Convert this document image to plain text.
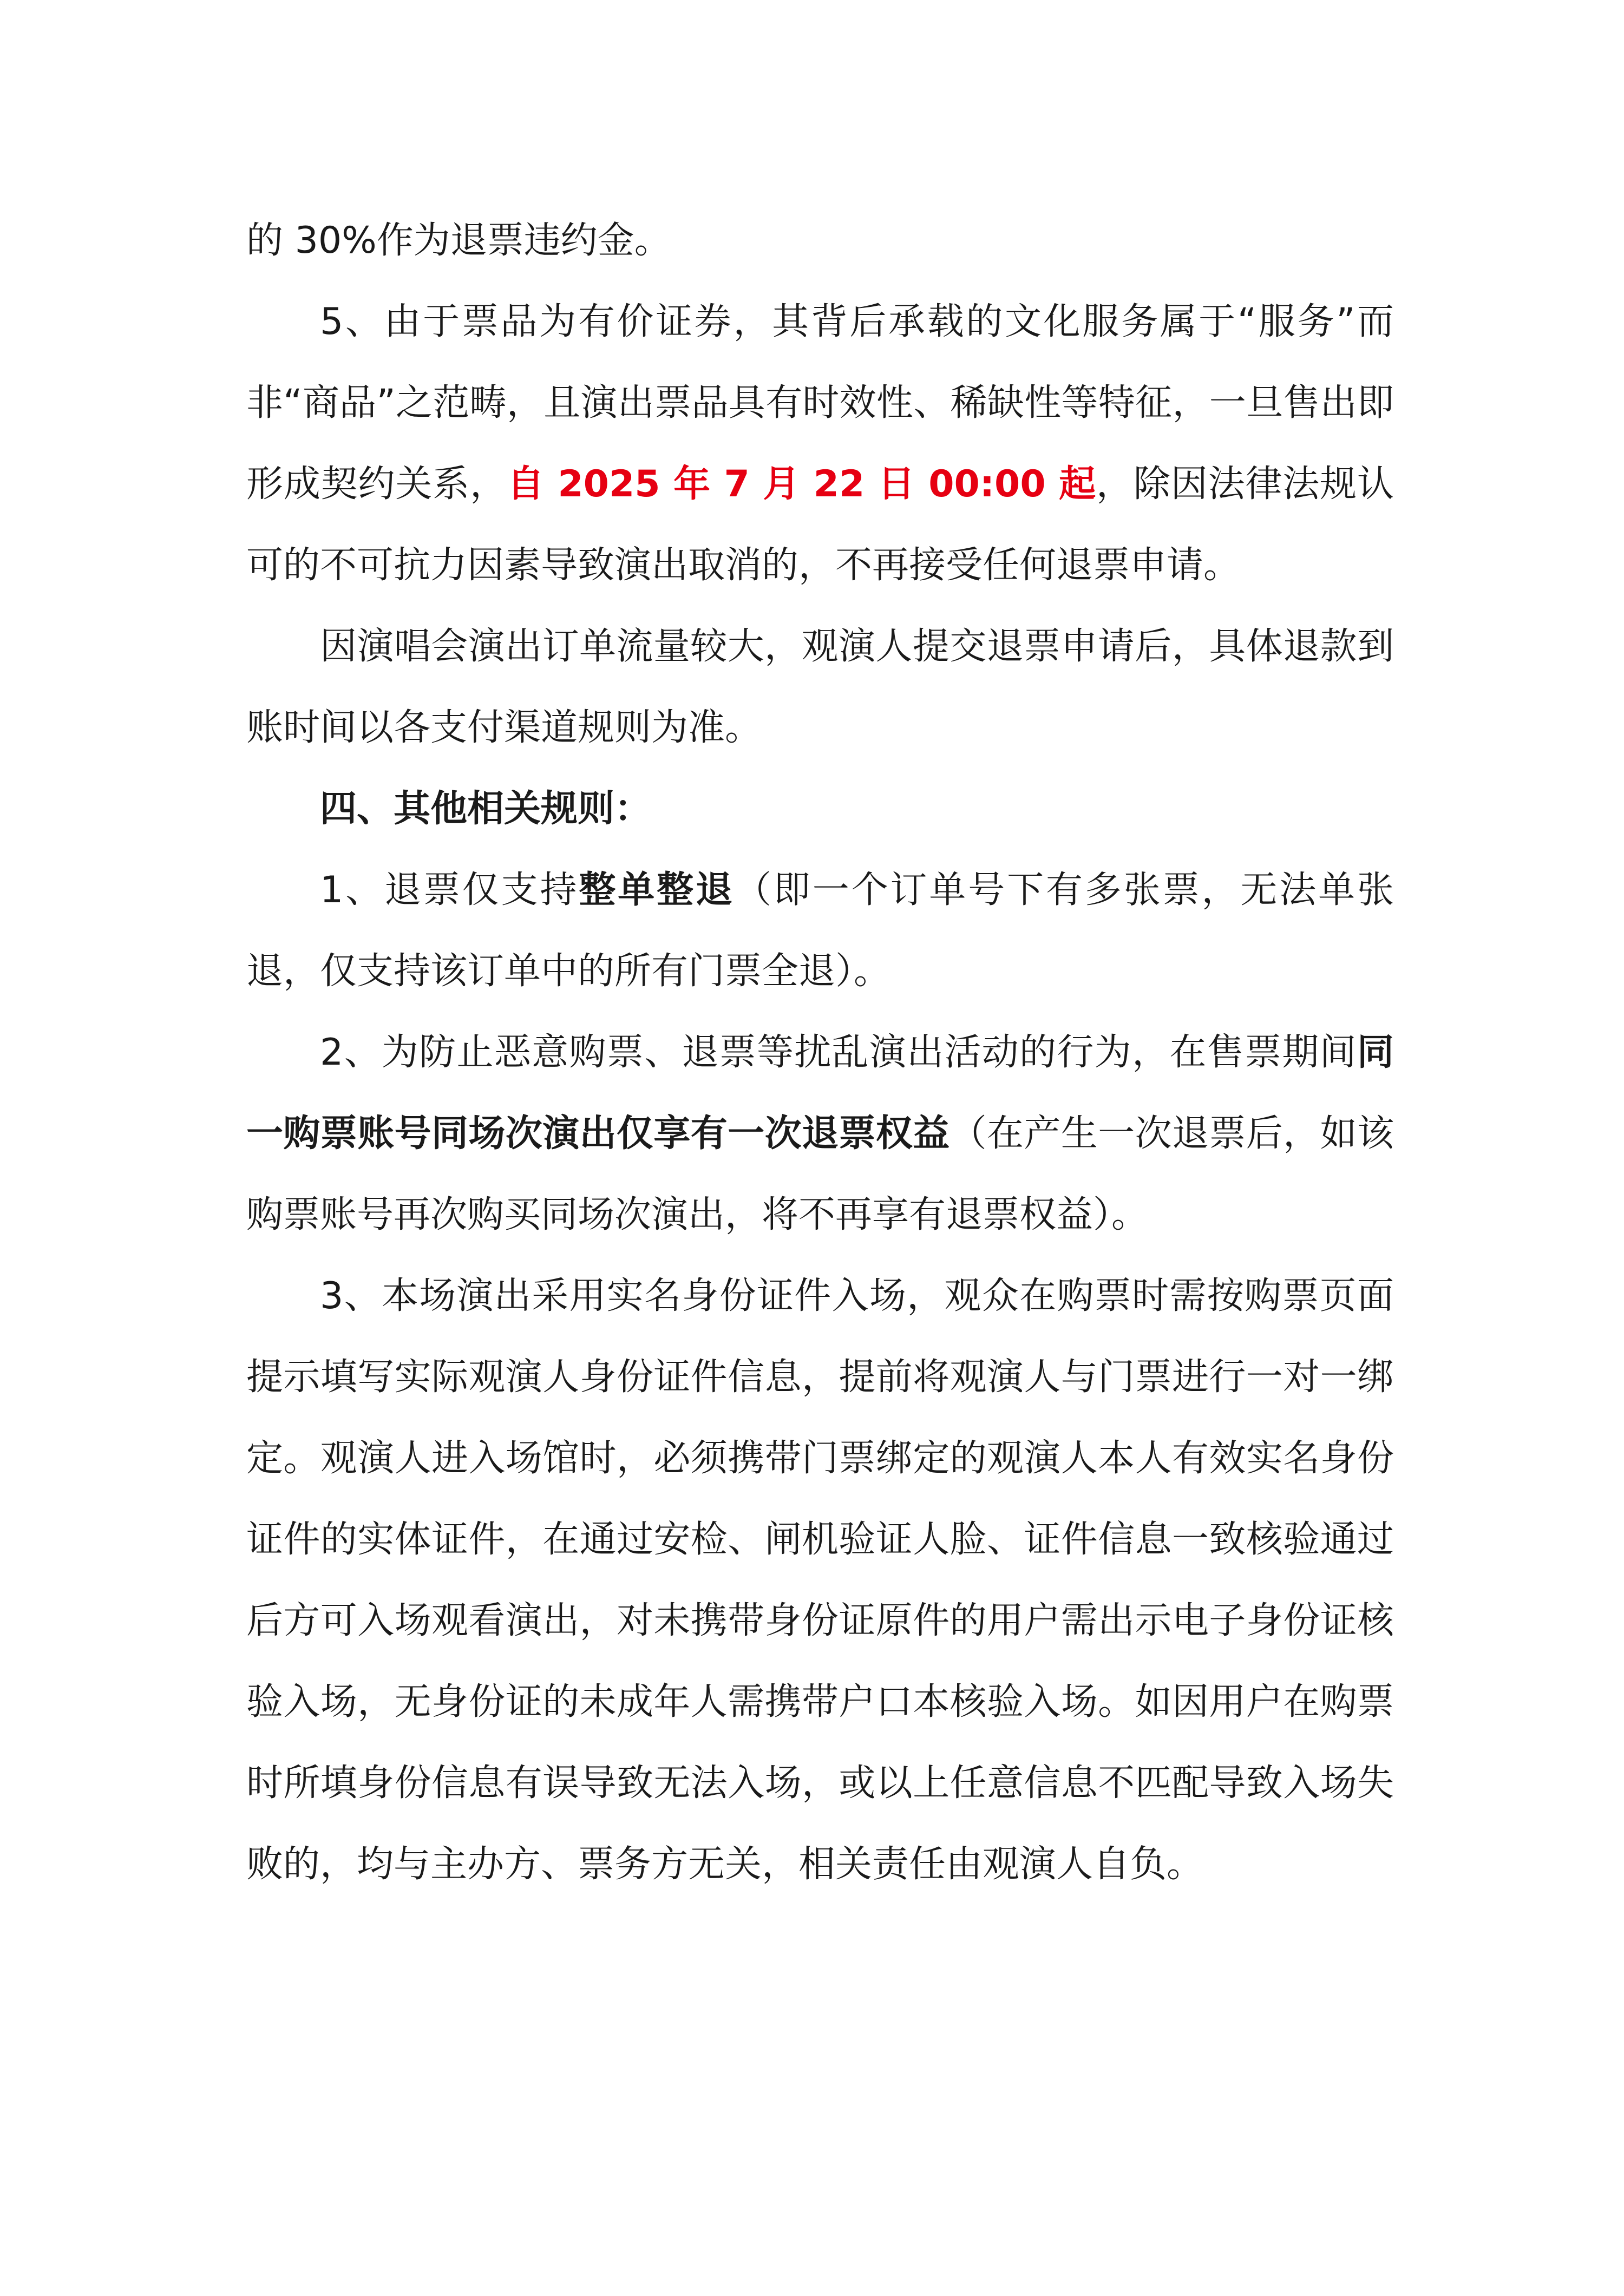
的 30%作为退票违约金。

5、由于票品为有价证券，其背后承载的文化服务属于“服务”而非“商品”之范畴，且演出票品具有时效性、稀缺性等特征，一旦售出即形成契约关系，自 2025 年 7 月 22 日 00:00 起，除因法律法规认可的不可抗力因素导致演出取消的，不再接受任何退票申请。

因演唱会演出订单流量较大，观演人提交退票申请后，具体退款到账时间以各支付渠道规则为准。

四、其他相关规则：

1、退票仅支持整单整退（即一个订单号下有多张票，无法单张退，仅支持该订单中的所有门票全退）。

2、为防止恶意购票、退票等扰乱演出活动的行为，在售票期间同一购票账号同场次演出仅享有一次退票权益（在产生一次退票后，如该购票账号再次购买同场次演出，将不再享有退票权益）。

3、本场演出采用实名身份证件入场，观众在购票时需按购票页面提示填写实际观演人身份证件信息，提前将观演人与门票进行一对一绑定。观演人进入场馆时，必须携带门票绑定的观演人本人有效实名身份证件的实体证件，在通过安检、闸机验证人脸、证件信息一致核验通过后方可入场观看演出，对未携带身份证原件的用户需出示电子身份证核验入场，无身份证的未成年人需携带户口本核验入场。如因用户在购票时所填身份信息有误导致无法入场，或以上任意信息不匹配导致入场失败的，均与主办方、票务方无关，相关责任由观演人自负。
